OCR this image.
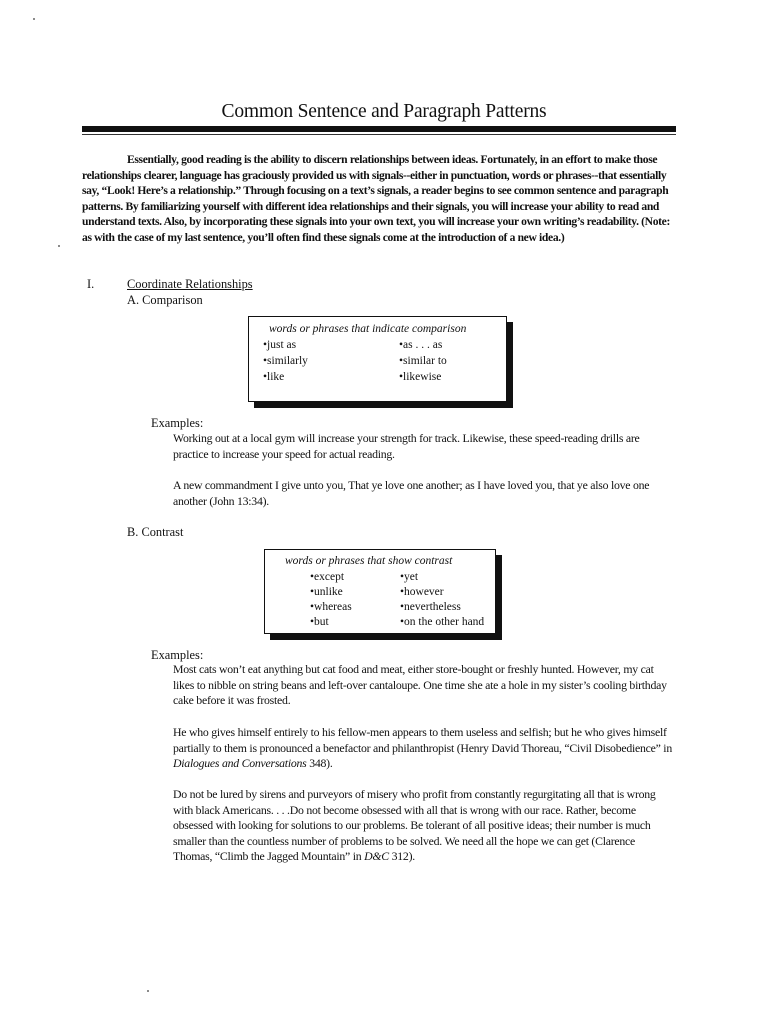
Common Sentence and Paragraph Patterns
Essentially, good reading is the ability to discern relationships between ideas. Fortunately, in an effort to make those relationships clearer, language has graciously provided us with signals--either in punctuation, words or phrases--that essentially say, “Look! Here’s a relationship.” Through focusing on a text’s signals, a reader begins to see common sentence and paragraph patterns. By familiarizing yourself with different idea relationships and their signals, you will increase your ability to read and understand texts. Also, by incorporating these signals into your own text, you will increase your own writing’s readability. (Note: as with the case of my last sentence, you’ll often find these signals come at the introduction of a new idea.)
I.	Coordinate Relationships
A. Comparison
words or phrases that indicate comparison
•just as
•similarly
•like
•as . . . as
•similar to
•likewise
Examples:
Working out at a local gym will increase your strength for track. Likewise, these speed-reading drills are practice to increase your speed for actual reading.
A new commandment I give unto you, That ye love one another; as I have loved you, that ye also love one another (John 13:34).
B. Contrast
words or phrases that show contrast
•except
•unlike
•whereas
•but
•yet
•however
•nevertheless
•on the other hand
Examples:
Most cats won’t eat anything but cat food and meat, either store-bought or freshly hunted. However, my cat likes to nibble on string beans and left-over cantaloupe. One time she ate a hole in my sister’s cooling birthday cake before it was frosted.
He who gives himself entirely to his fellow-men appears to them useless and selfish; but he who gives himself partially to them is pronounced a benefactor and philanthropist (Henry David Thoreau, “Civil Disobedience” in Dialogues and Conversations 348).
Do not be lured by sirens and purveyors of misery who profit from constantly regurgitating all that is wrong with black Americans. . . .Do not become obsessed with all that is wrong with our race. Rather, become obsessed with looking for solutions to our problems. Be tolerant of all positive ideas; their number is much smaller than the countless number of problems to be solved. We need all the hope we can get (Clarence Thomas, “Climb the Jagged Mountain” in D&C 312).
